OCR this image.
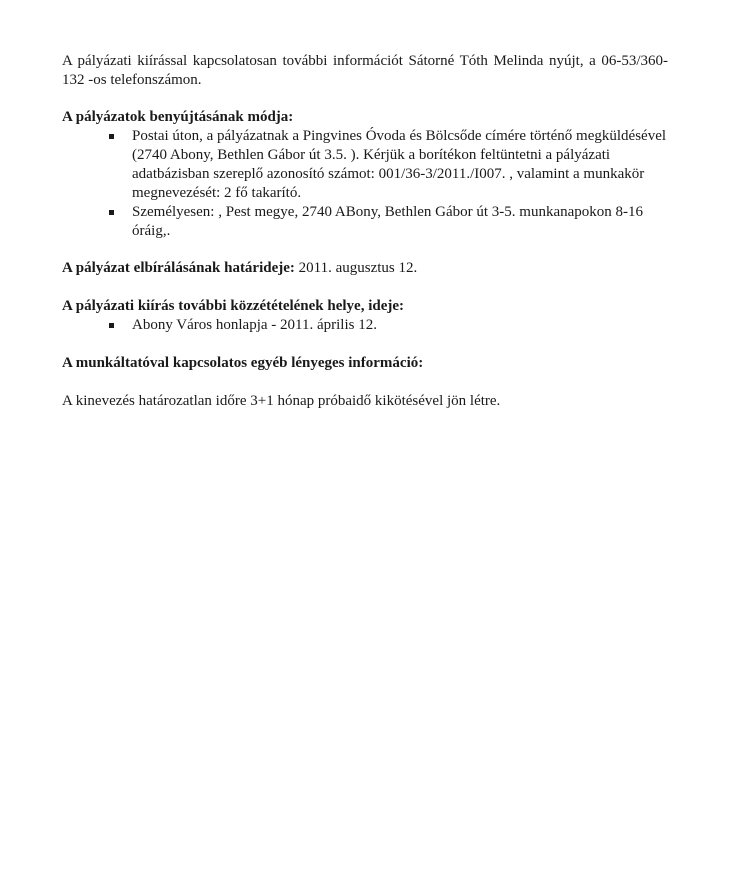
A pályázati kiírással kapcsolatosan további információt Sátorné Tóth Melinda nyújt, a 06-53/360-132 -os telefonszámon.

A pályázatok benyújtásának módja:

Postai úton, a pályázatnak a Pingvines Óvoda és Bölcsőde címére történő megküldésével (2740 Abony, Bethlen Gábor út 3.5. ). Kérjük a borítékon feltüntetni a pályázati adatbázisban szereplő azonosító számot: 001/36-3/2011./I007. , valamint a munkakör megnevezését: 2 fő takarító.
Személyesen: , Pest megye, 2740 ABony, Bethlen Gábor út 3-5. munkanapokon 8-16 óráig,.

A pályázat elbírálásának határideje: 2011. augusztus 12.

A pályázati kiírás további közzétételének helye, ideje:

Abony Város honlapja - 2011. április 12.

A munkáltatóval kapcsolatos egyéb lényeges információ:

A kinevezés határozatlan időre 3+1 hónap próbaidő kikötésével jön létre.
